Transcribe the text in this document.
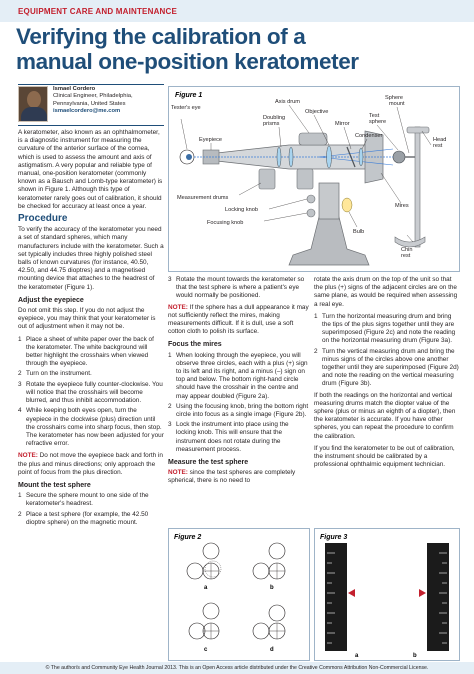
EQUIPMENT CARE AND MAINTENANCE
Verifying the calibration of a
manual one-position keratometer
Ismael Cordero
Clinical Engineer, Philadelphia,
Pennsylvania, United States
ismaelcordero@me.com

A keratometer, also known as an ophthalmometer, is a diagnostic instrument for measuring the curvature of the anterior surface of the cornea, which is used to assess the amount and axis of astigmatism. A very popular and reliable type of manual, one-position keratometer (commonly known as a Bausch and Lomb-type keratometer) is shown in Figure 1. Although this type of keratometer rarely goes out of calibration, it should be checked for accuracy at least once a year.

Procedure

To verify the accuracy of the keratometer you need a set of standard spheres, which many manufacturers include with the keratometer. Such a set typically includes three highly polished steel balls of known curvatures (for instance, 40.50, 42.50, and 44.75 dioptres) and a magnetised mounting device that attaches to the headrest of the keratometer (Figure 1).

Adjust the eyepiece

Do not omit this step. If you do not adjust the eyepiece, you may think that your keratometer is out of adjustment when it may not be.

1 Place a sheet of white paper over the back of the keratometer. The white background will better highlight the crosshairs when viewed through the eyepiece.
2 Turn on the instrument.
3 Rotate the eyepiece fully counter-clockwise. You will notice that the crosshairs will become blurred, and thus inhibit accommodation.
4 While keeping both eyes open, turn the eyepiece in the clockwise (plus) direction until the crosshairs come into sharp focus, then stop. The keratometer has now been adjusted for your refractive error.

NOTE: Do not move the eyepiece back and forth in the plus and minus directions; only approach the point of focus from the plus direction.

Mount the test sphere
1 Secure the sphere mount to one side of the keratometer's headrest.
2 Place a test sphere (for example, the 42.50 dioptre sphere) on the magnetic mount.
Figure 1
Tester's eye
Axis drum
Objective
Sphere
mount
Test
sphere
Mirror
Doubling
prisms
Condenser
Head
rest
Eyepiece
Measurement drums
Locking knob
Focusing knob
Mires
Bulb
Chin
rest
3 Rotate the mount towards the keratometer so that the test sphere is where a patient's eye would normally be positioned.

NOTE: If the sphere has a dull appearance it may not sufficiently reflect the mires, making measurements difficult. If it is dull, use a soft cotton cloth to polish its surface.

Focus the mires
1 When looking through the eyepiece, you will observe three circles, each with a plus (+) sign to its left and its right, and a minus (–) sign on top and below. The bottom right-hand circle should have the crosshair in the centre and may appear doubled (Figure 2a).
2 Using the focusing knob, bring the bottom right circle into focus as a single image (Figure 2b).
3 Lock the instrument into place using the locking knob. This will ensure that the instrument does not rotate during the measurement process.
Measure the test sphere

NOTE: since the test spheres are completely spherical, there is no need to

rotate the axis drum on the top of the unit so that the plus (+) signs of the adjacent circles are on the same plane, as would be required when assessing a real eye.

1 Turn the horizontal measuring drum and bring the tips of the plus signs together until they are superimposed (Figure 2c) and note the reading on the horizontal measuring drum (Figure 3a).
2 Turn the vertical measuring drum and bring the minus signs of the circles above one another together until they are superimposed (Figure 2d) and note the reading on the vertical measuring drum (Figure 3b).

If both the readings on the horizontal and vertical measuring drums match the diopter value of the sphere (plus or minus an eighth of a diopter), then the keratometer is accurate. If you have other spheres, you can repeat the procedure to confirm the calibration.

If you find the keratometer to be out of calibration, the instrument should be calibrated by a professional ophthalmic equipment technician.

Figure 2
a	b
c	d
Figure 3
a	b
© The author/s and Community Eye Health Journal 2013. This is an Open Access article distributed under the Creative Commons Attribution Non-Commercial License.
